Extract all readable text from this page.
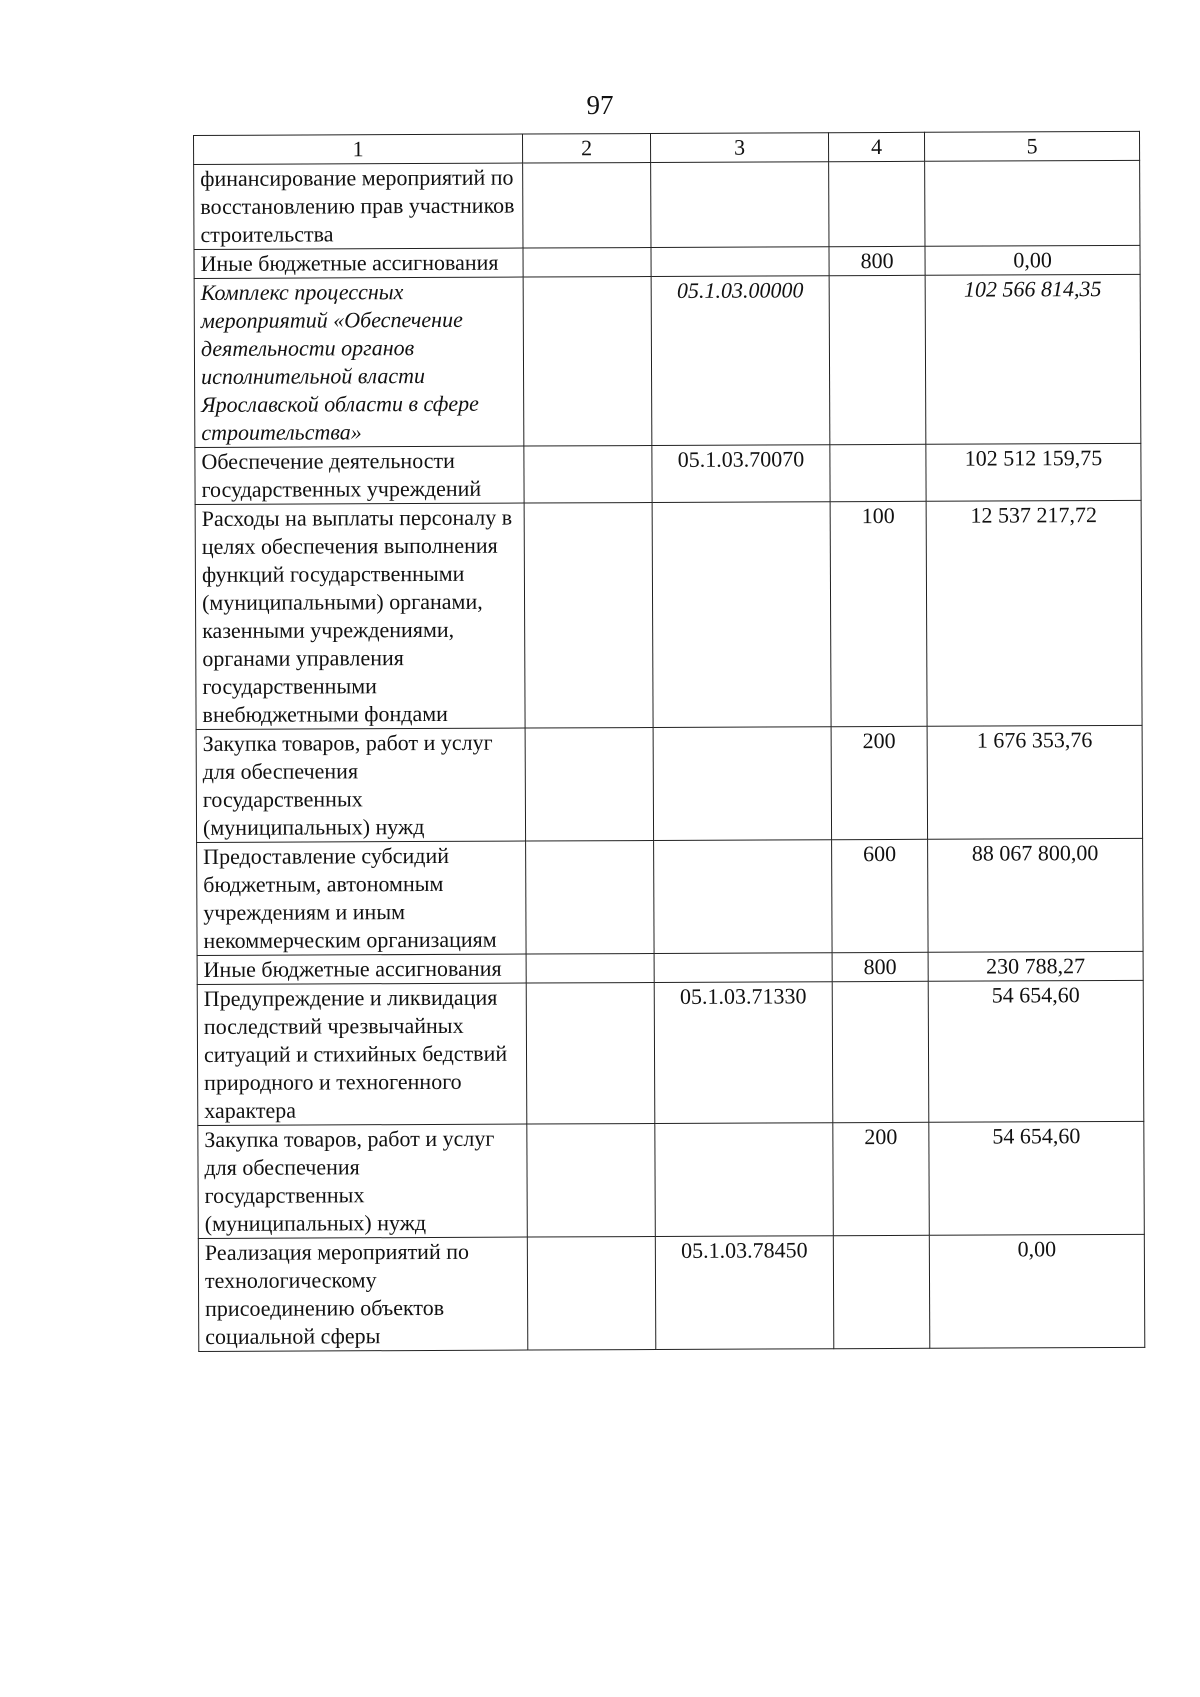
97
1	2	3	4	5
финансирование мероприятий по восстановлению прав участников строительства				
Иные бюджетные ассигнования			800	0,00
Комплекс процессных мероприятий «Обеспечение деятельности органов исполнительной власти Ярославской области в сфере строительства»		05.1.03.00000		102 566 814,35
Обеспечение деятельности государственных учреждений		05.1.03.70070		102 512 159,75
Расходы на выплаты персоналу в целях обеспечения выполнения функций государственными (муниципальными) органами, казенными учреждениями, органами управления государственными внебюджетными фондами			100	12 537 217,72
Закупка товаров, работ и услуг для обеспечения государственных (муниципальных) нужд			200	1 676 353,76
Предоставление субсидий бюджетным, автономным учреждениям и иным некоммерческим организациям			600	88 067 800,00
Иные бюджетные ассигнования			800	230 788,27
Предупреждение и ликвидация последствий чрезвычайных ситуаций и стихийных бедствий природного и техногенного характера		05.1.03.71330		54 654,60
Закупка товаров, работ и услуг для обеспечения государственных (муниципальных) нужд			200	54 654,60
Реализация мероприятий по технологическому присоединению объектов социальной сферы		05.1.03.78450		0,00
